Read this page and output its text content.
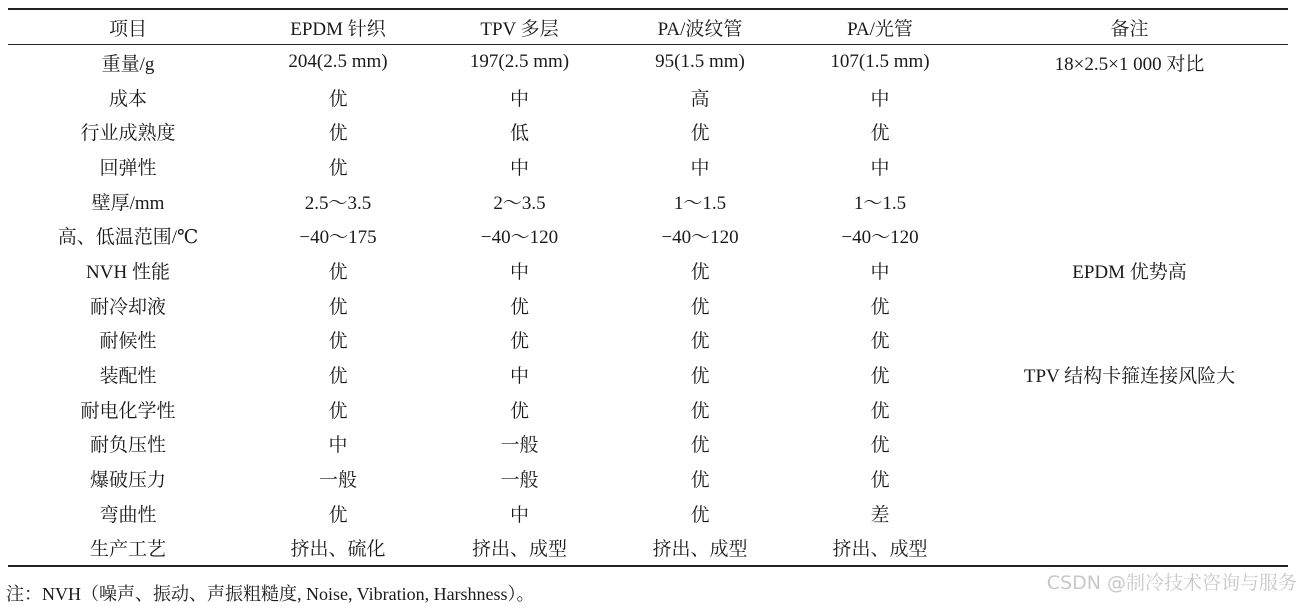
项目	EPDM 针织	TPV 多层	PA/波纹管	PA/光管	备注
重量/g	204(2.5 mm)	197(2.5 mm)	95(1.5 mm)	107(1.5 mm)	18×2.5×1 000 对比
成本	优	中	高	中	
行业成熟度	优	低	优	优	
回弹性	优	中	中	中	
壁厚/mm	2.5～3.5	2～3.5	1～1.5	1～1.5	
高、低温范围/℃	−40～175	−40～120	−40～120	−40～120	
NVH 性能	优	中	优	中	EPDM 优势高
耐冷却液	优	优	优	优	
耐候性	优	优	优	优	
装配性	优	中	优	优	TPV 结构卡箍连接风险大
耐电化学性	优	优	优	优	
耐负压性	中	一般	优	优	
爆破压力	一般	一般	优	优	
弯曲性	优	中	优	差	
生产工艺	挤出、硫化	挤出、成型	挤出、成型	挤出、成型	
注：NVH（噪声、振动、声振粗糙度, Noise, Vibration, Harshness）。	CSDN @制冷技术咨询与服务
